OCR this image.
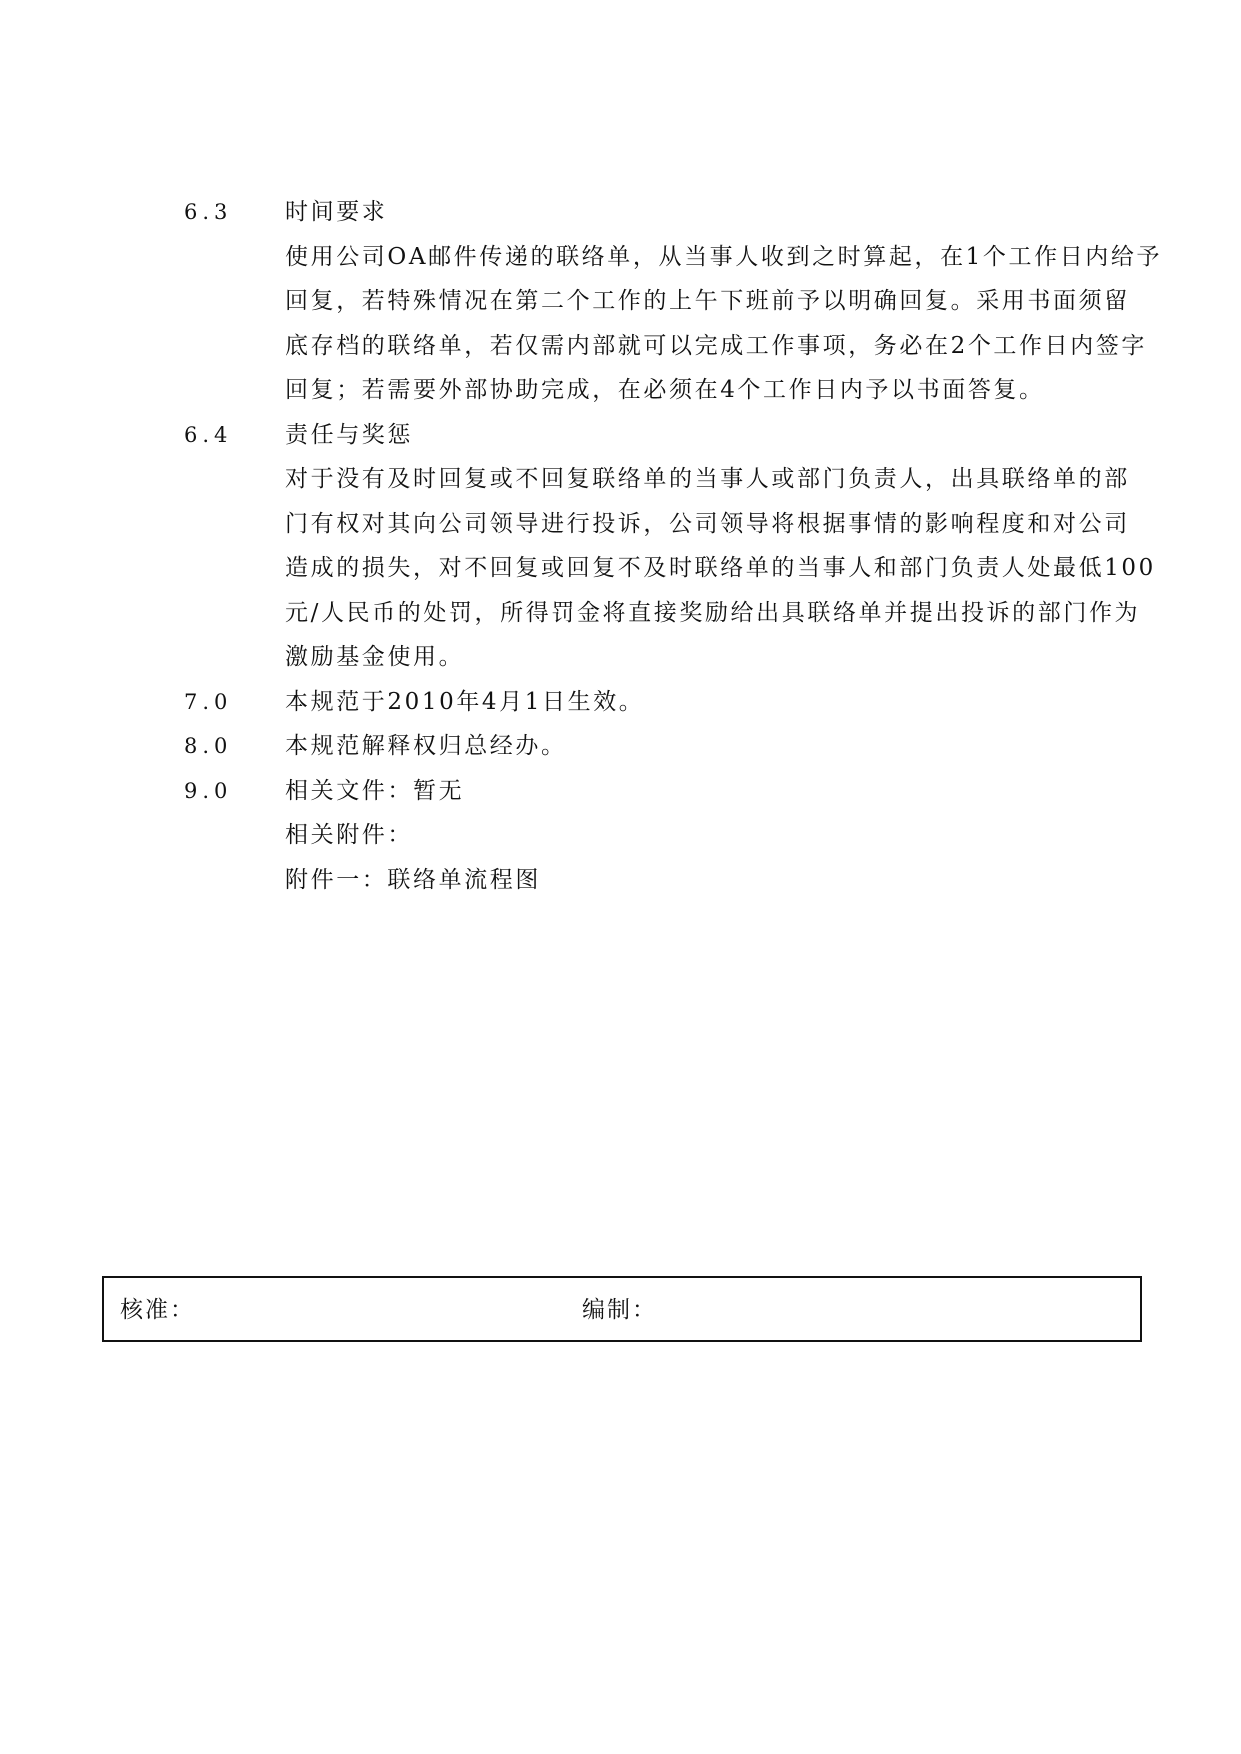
6.3	时间要求
使用公司OA邮件传递的联络单，从当事人收到之时算起，在1个工作日内给予
回复，若特殊情况在第二个工作的上午下班前予以明确回复。采用书面须留
底存档的联络单，若仅需内部就可以完成工作事项，务必在2个工作日内签字
回复；若需要外部协助完成，在必须在4个工作日内予以书面答复。
6.4	责任与奖惩
对于没有及时回复或不回复联络单的当事人或部门负责人，出具联络单的部
门有权对其向公司领导进行投诉，公司领导将根据事情的影响程度和对公司
造成的损失，对不回复或回复不及时联络单的当事人和部门负责人处最低100
元/人民币的处罚，所得罚金将直接奖励给出具联络单并提出投诉的部门作为
激励基金使用。
7.0	本规范于2010年4月1日生效。
8.0	本规范解释权归总经办。
9.0	相关文件：暂无
相关附件：
附件一：联络单流程图
核准：	编制：
